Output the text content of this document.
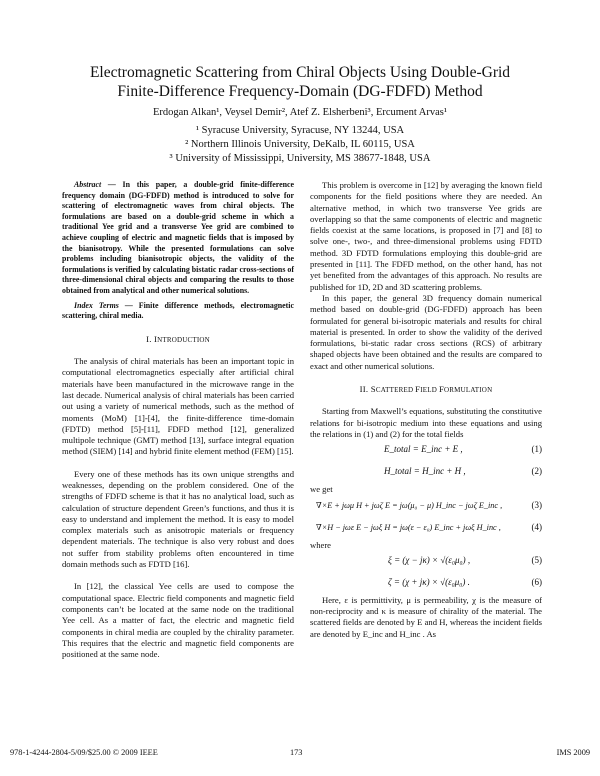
Electromagnetic Scattering from Chiral Objects Using Double-Grid
Finite-Difference Frequency-Domain (DG-FDFD) Method
Erdogan Alkan¹, Veysel Demir², Atef Z. Elsherbeni³, Ercument Arvas¹
¹ Syracuse University, Syracuse, NY 13244, USA
² Northern Illinois University, DeKalb, IL 60115, USA
³ University of Mississippi, University, MS 38677-1848, USA

Abstract — In this paper, a double-grid finite-difference frequency domain (DG-FDFD) method is introduced to solve for scattering of electromagnetic waves from chiral objects. The formulations are based on a double-grid scheme in which a traditional Yee grid and a transverse Yee grid are combined to achieve coupling of electric and magnetic fields that is imposed by the bianisotropy. While the presented formulations can solve problems including bianisotropic objects, the validity of the formulations is verified by calculating bistatic radar cross-sections of three-dimensional chiral objects and comparing the results to those obtained from analytical and other numerical solutions.

Index Terms — Finite difference methods, electromagnetic scattering, chiral media.

I. INTRODUCTION

The analysis of chiral materials has been an important topic in computational electromagnetics especially after artificial chiral materials have been manufactured in the microwave range in the last decade. Numerical analysis of chiral materials has been carried out using a variety of numerical methods, such as the method of moments (MoM) [1]-[4], the finite-difference time-domain (FDTD) method [5]-[11], FDFD method [12], generalized multipole technique (GMT) method [13], surface integral equation method (SIEM) [14] and hybrid finite element method (FEM) [15].

Every one of these methods has its own unique strengths and weaknesses, depending on the problem considered. One of the strengths of FDFD scheme is that it has no analytical load, such as calculation of structure dependent Green’s functions, and thus it is easy to understand and implement the method. It is easy to model complex materials such as anisotropic materials or frequency dependent materials. The technique is also very robust and does not suffer from stability problems often encountered in time domain methods such as FDTD [16].

In [12], the classical Yee cells are used to compose the computational space. Electric field components and magnetic field components can’t be located at the same node on the traditional Yee cell. As a matter of fact, the electric and magnetic field components in chiral media are coupled by the chirality parameter. This requires that the electric and magnetic field components are positioned at the same node.

This problem is overcome in [12] by averaging the known field components for the field positions where they are needed. An alternative method, in which two transverse Yee grids are overlapping so that the same components of electric and magnetic fields coexist at the same locations, is proposed in [7] and [8] to solve one-, two-, and three-dimensional problems using FDTD method. 3D FDTD formulations employing this double-grid are presented in [11]. The FDFD method, on the other hand, has not yet benefited from the advantages of this approach. No results are published for 1D, 2D and 3D scattering problems.

In this paper, the general 3D frequency domain numerical method based on double-grid (DG-FDFD) approach has been formulated for general bi-isotropic materials and results for chiral material is presented. In order to show the validity of the derived formulations, bi-static radar cross sections (RCS) of arbitrary shaped objects have been obtained and the results are compared to exact and other numerical solutions.

II. SCATTERED FIELD FORMULATION

Starting from Maxwell’s equations, substituting the constitutive relations for bi-isotropic medium into these equations and using the relations in (1) and (2) for the total fields

E_total = E_inc + E ,	(1)
H_total = H_inc + H ,	(2)

we get

∇×E + jωμ H + jωζ E = jω(μ₀ − μ) H_inc − jωζ E_inc ,	(3)
∇×H − jωε E − jωξ H = jω(ε − ε₀) E_inc + jωξ H_inc ,	(4)

where

ξ = (χ − jκ) × √(ε₀μ₀) ,	(5)
ζ = (χ + jκ) × √(ε₀μ₀) .	(6)

Here, ε is permittivity, μ is permeability, χ is the measure of non-reciprocity and κ is measure of chirality of the material. The scattered fields are denoted by E and H, whereas the incident fields are denoted by E_inc and H_inc . As

978-1-4244-2804-5/09/$25.00 © 2009 IEEE	173	IMS 2009
